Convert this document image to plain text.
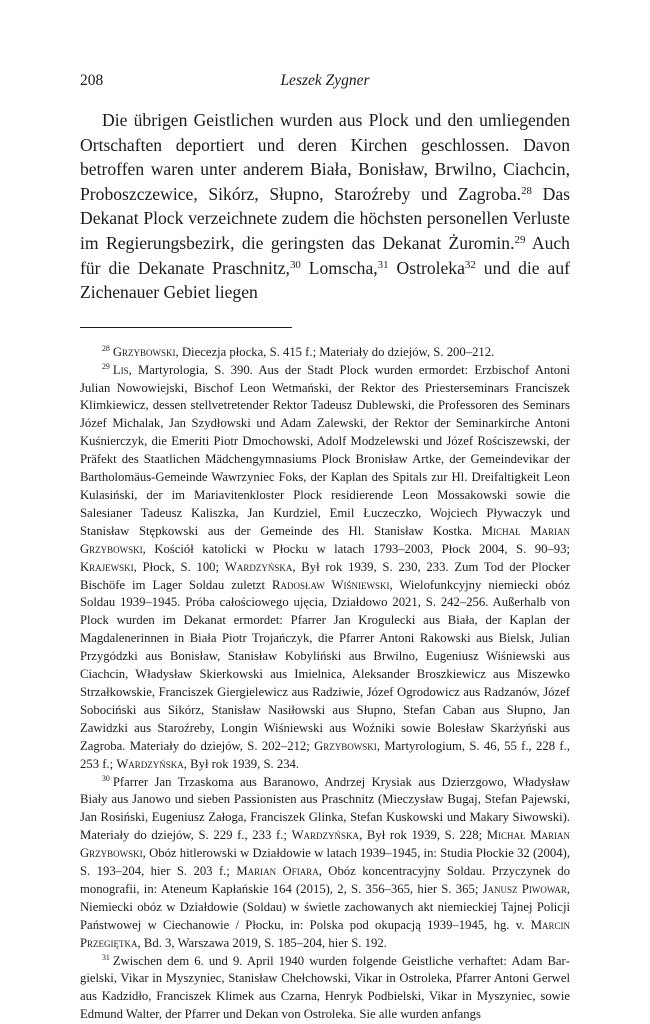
208	Leszek Zygner

Die übrigen Geistlichen wurden aus Plock und den umliegenden Ortschaften deportiert und deren Kirchen geschlossen. Davon betroffen waren unter anderem Biała, Bonisław, Brwilno, Ciachcin, Proboszczewice, Sikórz, Słupno, Staroźreby und Zagroba.$^{28}$ Das Dekanat Plock verzeichnete zudem die höchsten personellen Verluste im Regierungsbezirk, die geringsten das Dekanat Żuromin.$^{29}$ Auch für die Dekanate Praschnitz,$^{30}$ Lomscha,$^{31}$ Ostroleka$^{32}$ und die auf Zichenauer Gebiet liegen

$^{28}$ Grzybowski, Diecezja płocka, S. 415 f.; Materiały do dziejów, S. 200–212.

$^{29}$ Lis, Martyrologia, S. 390. Aus der Stadt Plock wurden ermordet: Erzbischof Antoni Julian Nowowiejski, Bischof Leon Wetmański, der Rektor des Priesterseminars Franciszek Klimkiewicz, dessen stellvetretender Rektor Tadeusz Dublewski, die Professoren des Seminars Józef Michalak, Jan Szydłowski und Adam Zalewski, der Rektor der Seminarkirche Antoni Kuśnierczyk, die Emeriti Piotr Dmochowski, Adolf Modzelewski und Józef Rościszewski, der Präfekt des Staatlichen Mädchengymnasiums Plock Bronisław Artke, der Gemeindevikar der Bartholomäus-Gemeinde Wawrzyniec Foks, der Kaplan des Spitals zur Hl. Dreifaltigkeit Leon Kulasiński, der im Mariavitenkloster Plock residierende Leon Mossakowski sowie die Salesianer Tadeusz Kaliszka, Jan Kurdziel, Emil Łuczeczko, Wojciech Pływaczyk und Stanisław Stępkowski aus der Gemeinde des Hl. Stanisław Kostka. Michał Marian Grzybowski, Kościół katolicki w Płocku w latach 1793–2003, Płock 2004, S. 90–93; Krajewski, Płock, S. 100; Wardzyńska, Był rok 1939, S. 230, 233. Zum Tod der Plocker Bischöfe im Lager Soldau zuletzt Radosław Wiśniewski, Wielofunkcyjny niemiecki obóz Soldau 1939–1945. Próba całościowego ujęcia, Działdowo 2021, S. 242–256. Außerhalb von Plock wurden im Dekanat ermordet: Pfarrer Jan Krogulecki aus Biała, der Kaplan der Magdalenerinnen in Biała Piotr Trojańczyk, die Pfarrer Antoni Rakowski aus Bielsk, Julian Przygódzki aus Bonisław, Stanisław Kobyliński aus Brwilno, Eugeniusz Wiśniewski aus Ciachcin, Władysław Skierkowski aus Imielnica, Aleksander Broszkiewicz aus Miszewko Strzałkowskie, Franciszek Giergielewicz aus Radziwie, Józef Ogrodowicz aus Radzanów, Józef Sobociński aus Sikórz, Stanisław Nasiłowski aus Słupno, Stefan Caban aus Słupno, Jan Zawidzki aus Staroźreby, Longin Wiśniewski aus Woźniki sowie Bolesław Skarżyński aus Zagroba. Materiały do dziejów, S. 202–212; Grzybowski, Martyrologium, S. 46, 55 f., 228 f., 253 f.; Wardzyńska, Był rok 1939, S. 234.

$^{30}$ Pfarrer Jan Trzaskoma aus Baranowo, Andrzej Krysiak aus Dzierzgowo, Władysław Biały aus Janowo und sieben Passionisten aus Praschnitz (Mieczysław Bugaj, Stefan Pajewski, Jan Rosiński, Eugeniusz Załoga, Franciszek Glinka, Stefan Kuskowski und Makary Siwowski). Materiały do dziejów, S. 229 f., 233 f.; Wardzyńska, Był rok 1939, S. 228; Michał Marian Grzybowski, Obóz hitlerowski w Działdowie w latach 1939–1945, in: Studia Płockie 32 (2004), S. 193–204, hier S. 203 f.; Marian Ofiara, Obóz koncentracyjny Soldau. Przyczynek do monografii, in: Ateneum Kapłańskie 164 (2015), 2, S. 356–365, hier S. 365; Janusz Piwowar, Niemiecki obóz w Działdowie (Soldau) w świetle zachowanych akt niemieckiej Tajnej Policji Państwowej w Ciechanowie / Płocku, in: Polska pod okupacją 1939–1945, hg. v. Marcin Przegiętka, Bd. 3, Warszawa 2019, S. 185–204, hier S. 192.

$^{31}$ Zwischen dem 6. und 9. April 1940 wurden folgende Geistliche verhaftet: Adam Bargielski, Vikar in Myszyniec, Stanisław Chełchowski, Vikar in Ostroleka, Pfarrer Antoni Gerwel aus Kadzidło, Franciszek Klimek aus Czarna, Henryk Podbielski, Vikar in Myszyniec, sowie Edmund Walter, der Pfarrer und Dekan von Ostroleka. Sie alle wurden anfangs
